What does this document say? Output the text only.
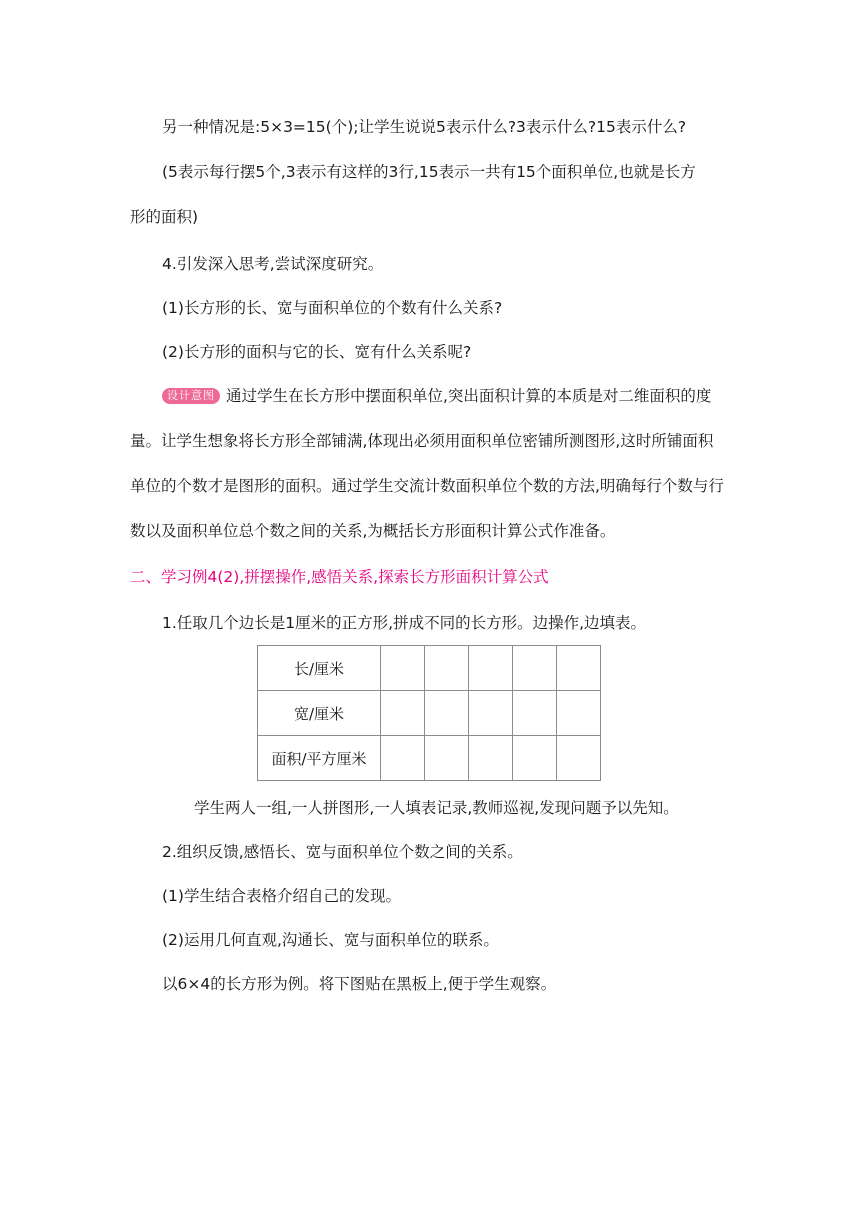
另一种情况是:5×3=15(个);让学生说说5表示什么?3表示什么?15表示什么?

(5表示每行摆5个,3表示有这样的3行,15表示一共有15个面积单位,也就是长方

形的面积)

4.引发深入思考,尝试深度研究。

(1)长方形的长、宽与面积单位的个数有什么关系?

(2)长方形的面积与它的长、宽有什么关系呢?

设计意图 通过学生在长方形中摆面积单位,突出面积计算的本质是对二维面积的度

量。让学生想象将长方形全部铺满,体现出必须用面积单位密铺所测图形,这时所铺面积

单位的个数才是图形的面积。通过学生交流计数面积单位个数的方法,明确每行个数与行

数以及面积单位总个数之间的关系,为概括长方形面积计算公式作准备。

二、学习例4(2),拼摆操作,感悟关系,探索长方形面积计算公式

1.任取几个边长是1厘米的正方形,拼成不同的长方形。边操作,边填表。

长/厘米					
宽/厘米					
面积/平方厘米					

学生两人一组,一人拼图形,一人填表记录,教师巡视,发现问题予以先知。

2.组织反馈,感悟长、宽与面积单位个数之间的关系。

(1)学生结合表格介绍自己的发现。

(2)运用几何直观,沟通长、宽与面积单位的联系。

以6×4的长方形为例。将下图贴在黑板上,便于学生观察。
